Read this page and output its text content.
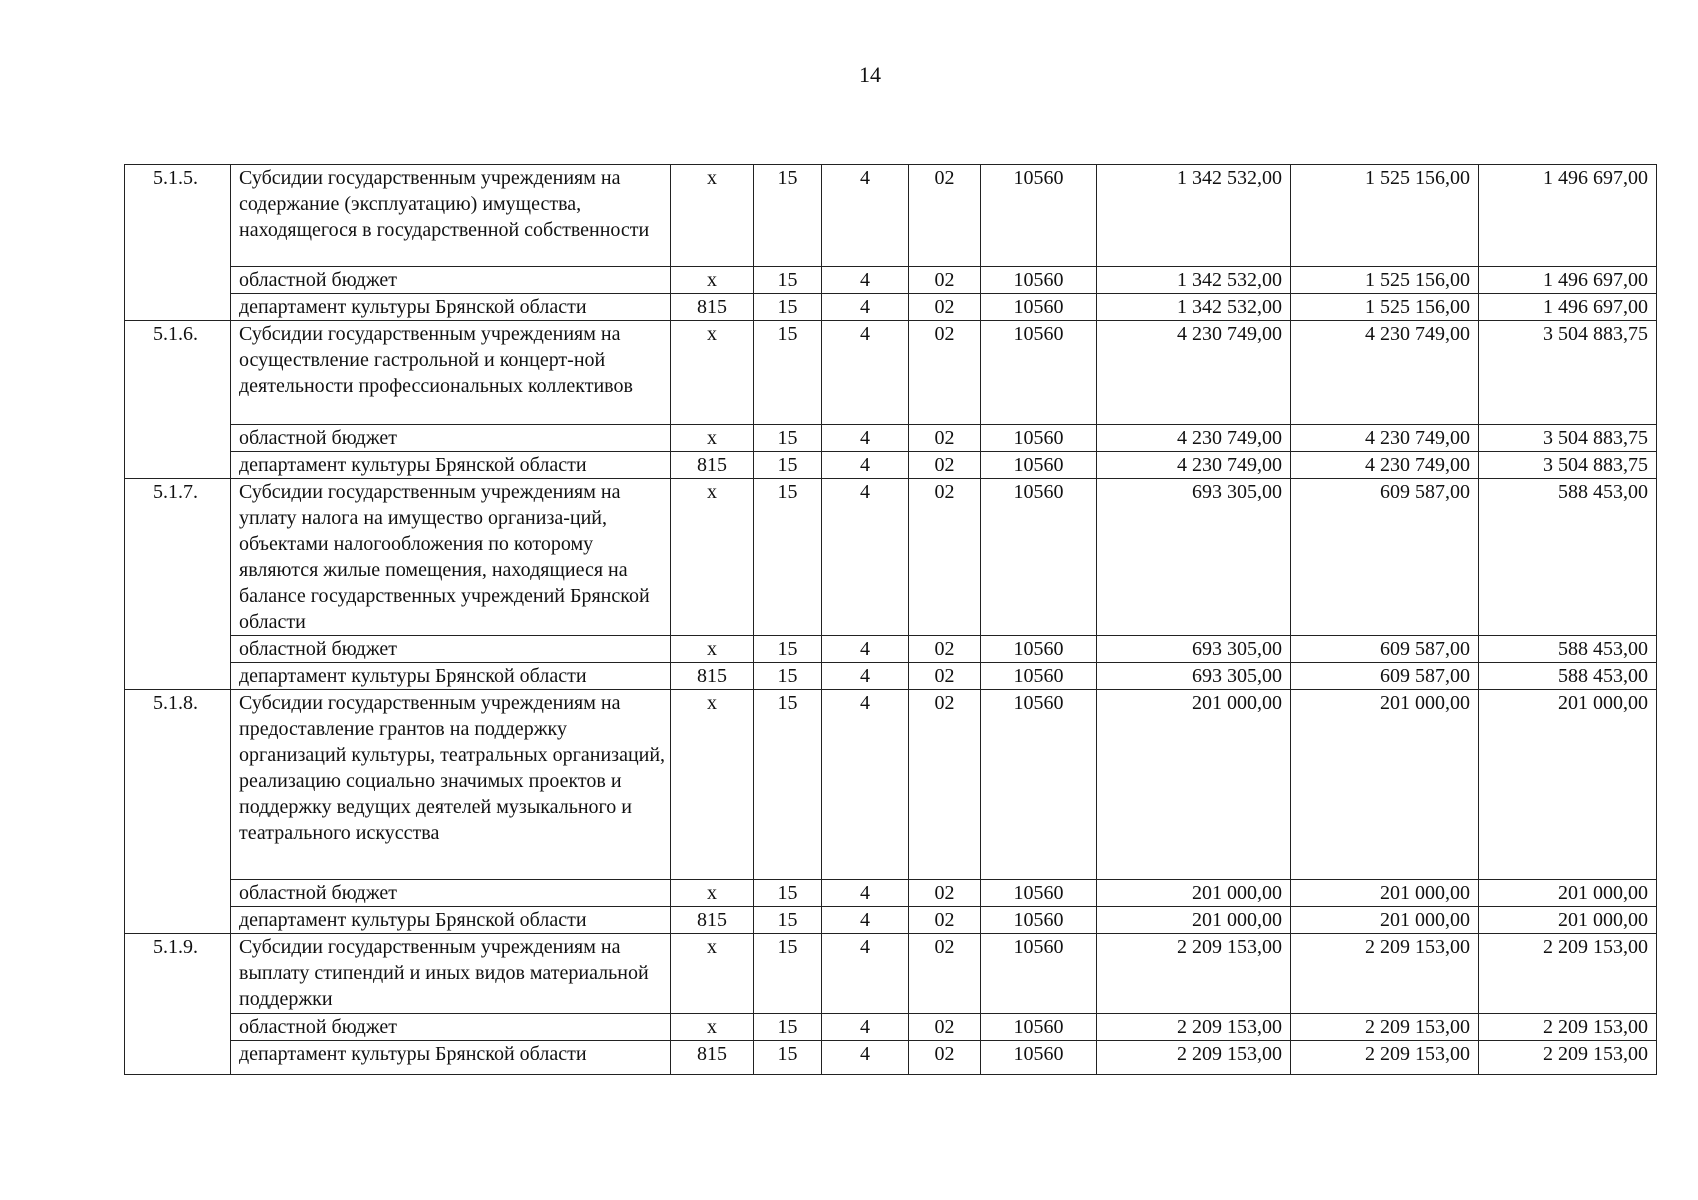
14
5.1.5.	Субсидии государственным учреждениям на содержание (эксплуатацию) имущества, находящегося в государственной собственности	х	15	4	02	10560	1 342 532,00	1 525 156,00	1 496 697,00
	областной бюджет	х	15	4	02	10560	1 342 532,00	1 525 156,00	1 496 697,00
	департамент культуры Брянской области	815	15	4	02	10560	1 342 532,00	1 525 156,00	1 496 697,00
5.1.6.	Субсидии государственным учреждениям на осуществление гастрольной и концерт-ной деятельности профессиональных коллективов	х	15	4	02	10560	4 230 749,00	4 230 749,00	3 504 883,75
	областной бюджет	х	15	4	02	10560	4 230 749,00	4 230 749,00	3 504 883,75
	департамент культуры Брянской области	815	15	4	02	10560	4 230 749,00	4 230 749,00	3 504 883,75
5.1.7.	Субсидии государственным учреждениям на уплату налога на имущество организа-ций, объектами налогообложения по которому являются жилые помещения, находящиеся на балансе государственных учреждений Брянской области	х	15	4	02	10560	693 305,00	609 587,00	588 453,00
	областной бюджет	х	15	4	02	10560	693 305,00	609 587,00	588 453,00
	департамент культуры Брянской области	815	15	4	02	10560	693 305,00	609 587,00	588 453,00
5.1.8.	Субсидии государственным учреждениям на предоставление грантов на поддержку организаций культуры, театральных организаций, реализацию социально значимых проектов и поддержку ведущих деятелей музыкального и театрального искусства	х	15	4	02	10560	201 000,00	201 000,00	201 000,00
	областной бюджет	х	15	4	02	10560	201 000,00	201 000,00	201 000,00
	департамент культуры Брянской области	815	15	4	02	10560	201 000,00	201 000,00	201 000,00
5.1.9.	Субсидии государственным учреждениям на выплату стипендий и иных видов материальной поддержки	х	15	4	02	10560	2 209 153,00	2 209 153,00	2 209 153,00
	областной бюджет	х	15	4	02	10560	2 209 153,00	2 209 153,00	2 209 153,00
	департамент культуры Брянской области	815	15	4	02	10560	2 209 153,00	2 209 153,00	2 209 153,00
